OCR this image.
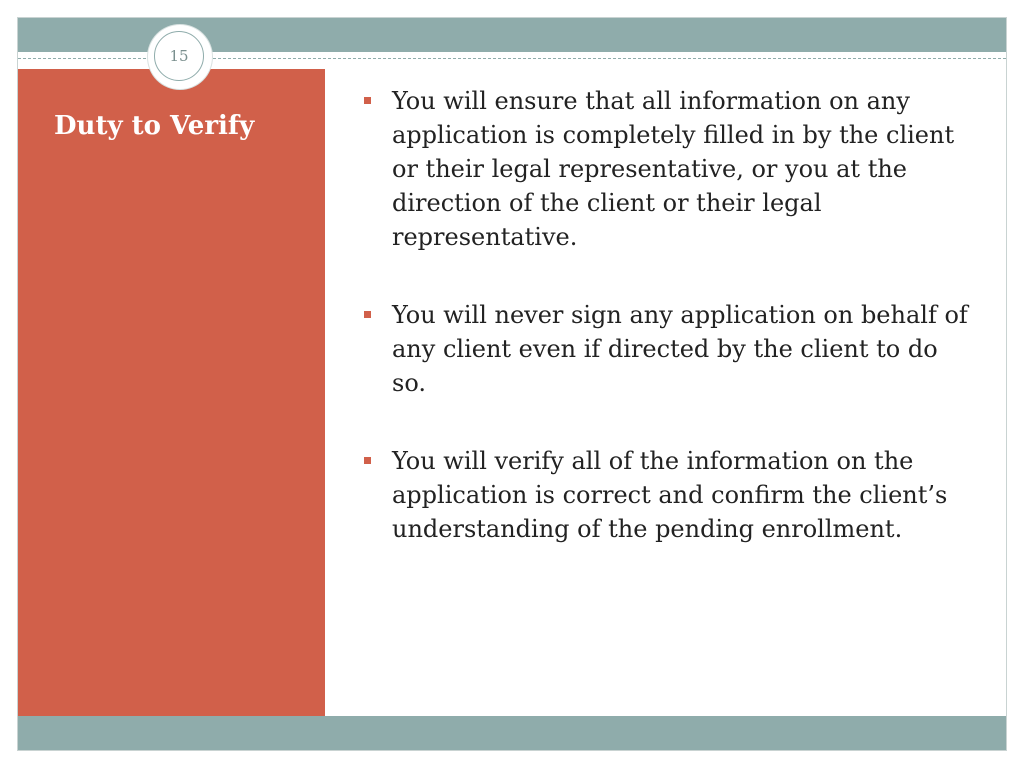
15
Duty to Verify
You will ensure that all information on any application is completely filled in by the client or their legal representative, or you at the direction of the client or their legal representative.
You will never sign any application on behalf of any client even if directed by the client to do so.
You will verify all of the information on the application is correct and confirm the client’s understanding of the pending enrollment.
